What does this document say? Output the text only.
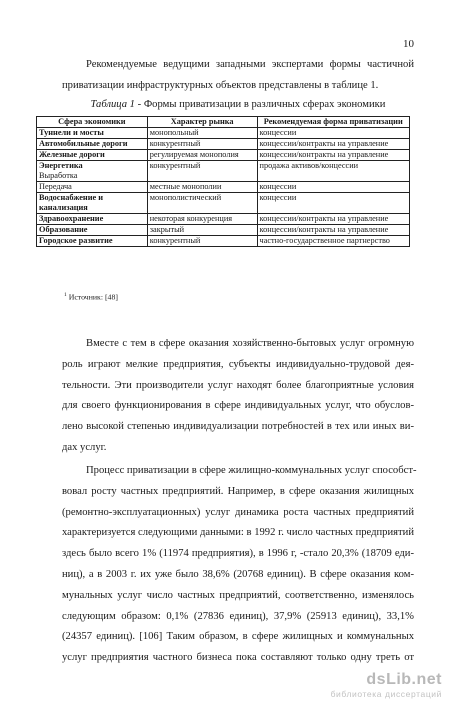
10

Рекомендуемые ведущими западными экспертами формы частичной
приватизации инфраструктурных объектов представлены в таблице 1.

Таблица 1 - Формы приватизации в различных сферах экономики
Сфера экономики	Характер рынка	Рекомендуемая форма приватизации
Туннели и мосты	монопольный	концессии
Автомобильные дороги	конкурентный	концессии/контракты на управление
Железные дороги	регулируемая монополия	концессии/контракты на управление
Энергетика
Выработка	конкурентный	продажа активов/концессии
Передача	местные монополии	концессии
Водоснабжение и канализация	монополистический	концессии
Здравоохранение	некоторая конкуренция	концессии/контракты на управление
Образование	закрытый	концессии/контракты на управление
Городское развитие	конкурентный	частно-государственное партнерство
$^1$ Источник: [48]

Вместе с тем в сфере оказания хозяйственно-бытовых услуг огромную
роль играют мелкие предприятия, субъекты индивидуально-трудовой дея-
тельности. Эти производители услуг находят более благоприятные условия
для своего функционирования в сфере индивидуальных услуг, что обуслов-
лено высокой степенью индивидуализации потребностей в тех или иных ви-
дах услуг.

Процесс приватизации в сфере жилищно-коммунальных услуг способст-
вовал росту частных предприятий. Например, в сфере оказания жилищных
(ремонтно-эксплуатационных) услуг динамика роста частных предприятий
характеризуется следующими данными: в 1992 г. число частных предприятий
здесь было всего 1% (11974 предприятия), в 1996 г, -стало 20,3% (18709 еди-
ниц), а в 2003 г. их уже было 38,6% (20768 единиц). В сфере оказания ком-
мунальных услуг число частных предприятий, соответственно, изменялось
следующим образом: 0,1% (27836 единиц), 37,9% (25913 единиц), 33,1%
(24357 единиц). [106] Таким образом, в сфере жилищных и коммунальных
услуг предприятия частного бизнеса пока составляют только одну треть от

dsLib.net
библиотека диссертаций
